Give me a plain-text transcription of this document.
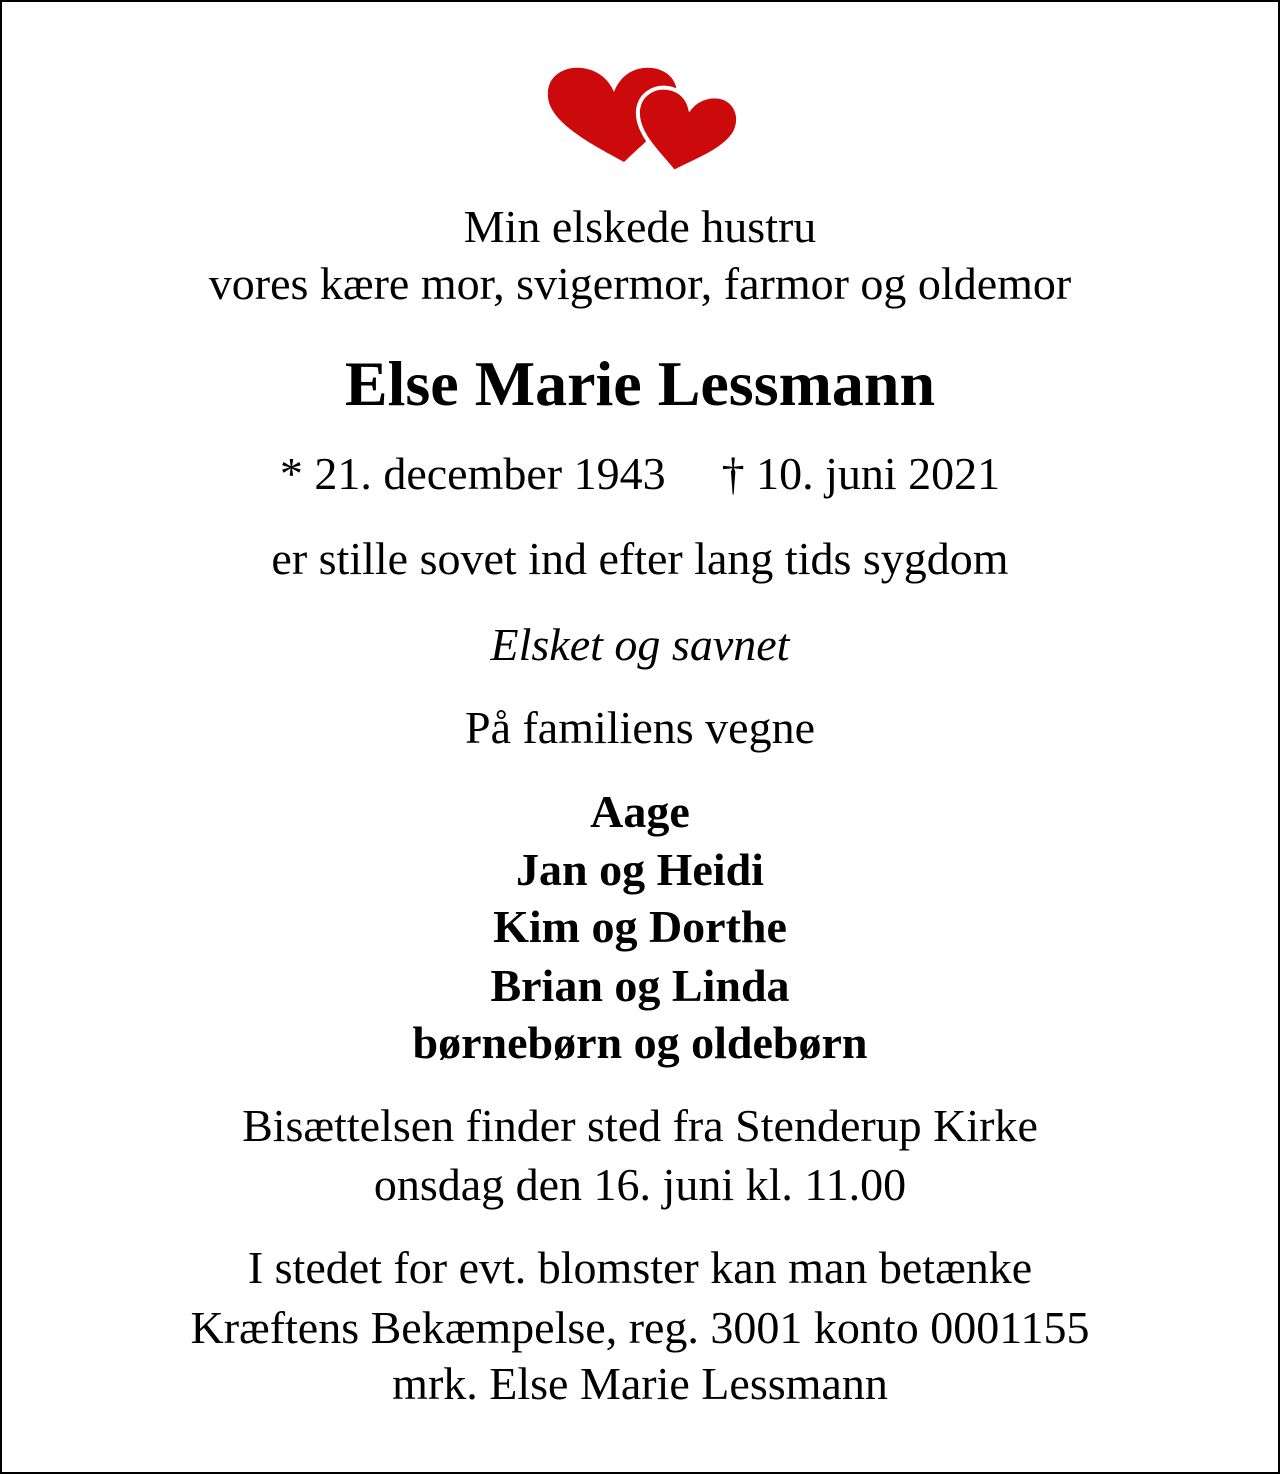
Min elskede hustru
vores kære mor, svigermor, farmor og oldemor
Else Marie Lessmann
* 21. december 1943 † 10. juni 2021
er stille sovet ind efter lang tids sygdom
Elsket og savnet
På familiens vegne
Aage
Jan og Heidi
Kim og Dorthe
Brian og Linda
børnebørn og oldebørn
Bisættelsen finder sted fra Stenderup Kirke
onsdag den 16. juni kl. 11.00
I stedet for evt. blomster kan man betænke
Kræftens Bekæmpelse, reg. 3001 konto 0001155
mrk. Else Marie Lessmann
